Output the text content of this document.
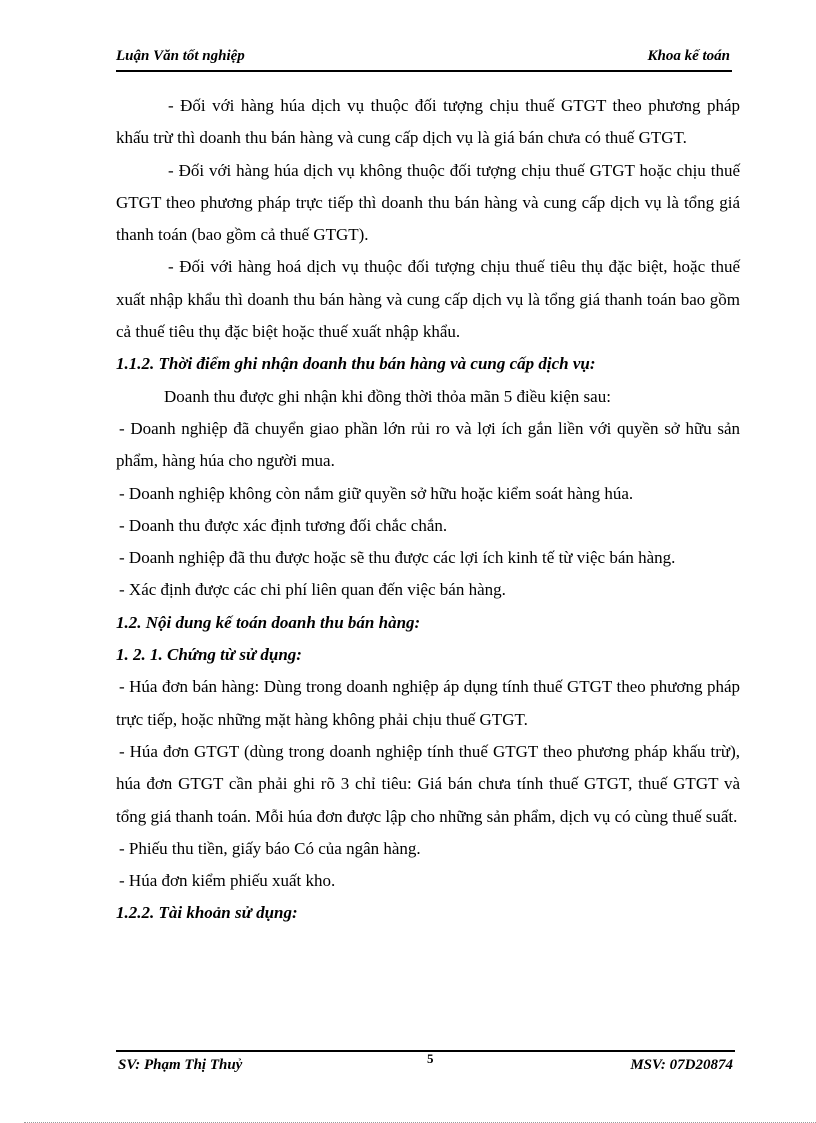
Luận Văn tốt nghiệp	Khoa kế toán

- Đối với hàng húa dịch vụ thuộc đối tượng chịu thuế GTGT theo phương pháp khấu trừ thì doanh thu bán hàng và cung cấp dịch vụ là giá bán chưa có thuế GTGT.

- Đối với hàng húa dịch vụ không thuộc đối tượng chịu thuế GTGT hoặc chịu thuế GTGT theo phương pháp trực tiếp thì doanh thu bán hàng và cung cấp dịch vụ là tổng giá thanh toán (bao gồm cả thuế GTGT).

- Đối với hàng hoá dịch vụ thuộc đối tượng chịu thuế tiêu thụ đặc biệt, hoặc thuế xuất nhập khẩu thì doanh thu bán hàng và cung cấp dịch vụ là tổng giá thanh toán bao gồm cả thuế tiêu thụ đặc biệt hoặc thuế xuất nhập khẩu.

1.1.2. Thời điểm ghi nhận doanh thu bán hàng và cung cấp dịch vụ:

Doanh thu được ghi nhận khi đồng thời thỏa mãn 5 điều kiện sau:

- Doanh nghiệp đã chuyển giao phần lớn rủi ro và lợi ích gắn liền với quyền sở hữu sản phẩm, hàng húa cho người mua.

- Doanh nghiệp không còn nắm giữ quyền sở hữu hoặc kiểm soát hàng húa.

- Doanh thu được xác định tương đối chắc chắn.

- Doanh nghiệp đã thu được hoặc sẽ thu được các lợi ích kinh tế từ việc bán hàng.

- Xác định được các chi phí liên quan đến việc bán hàng.

1.2. Nội dung kế toán doanh thu bán hàng:

1. 2. 1. Chứng từ sử dụng:

- Húa đơn bán hàng: Dùng trong doanh nghiệp áp dụng tính thuế GTGT theo phương pháp trực tiếp, hoặc những mặt hàng không phải chịu thuế GTGT.

- Húa đơn GTGT (dùng trong doanh nghiệp tính thuế GTGT theo phương pháp khấu trừ), húa đơn GTGT cần phải ghi rõ 3 chỉ tiêu: Giá bán chưa tính thuế GTGT, thuế GTGT và tổng giá thanh toán. Mỗi húa đơn được lập cho những sản phẩm, dịch vụ có cùng thuế suất.

- Phiếu thu tiền, giấy báo Có của ngân hàng.

- Húa đơn kiểm phiếu xuất kho.

1.2.2. Tài khoản sử dụng:

SV: Phạm Thị Thuỷ	5	MSV: 07D20874
